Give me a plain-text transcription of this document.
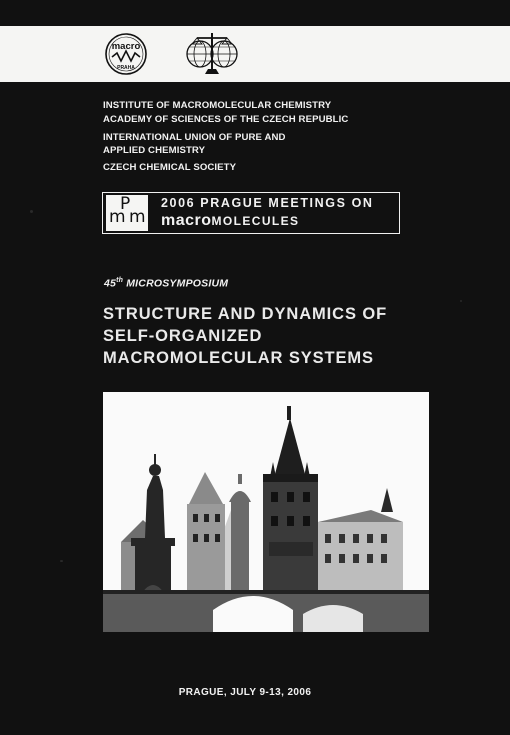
macro
PRAHA
INSTITUTE OF MACROMOLECULAR CHEMISTRY
ACADEMY OF SCIENCES OF THE CZECH REPUBLIC
INTERNATIONAL UNION OF PURE AND
APPLIED CHEMISTRY
CZECH CHEMICAL SOCIETY
m
P
m
2006 PRAGUE MEETINGS ON
macroMOLECULES
45th MICROSYMPOSIUM
STRUCTURE AND DYNAMICS OF
SELF-ORGANIZED
MACROMOLECULAR SYSTEMS
PRAGUE, JULY 9-13, 2006
